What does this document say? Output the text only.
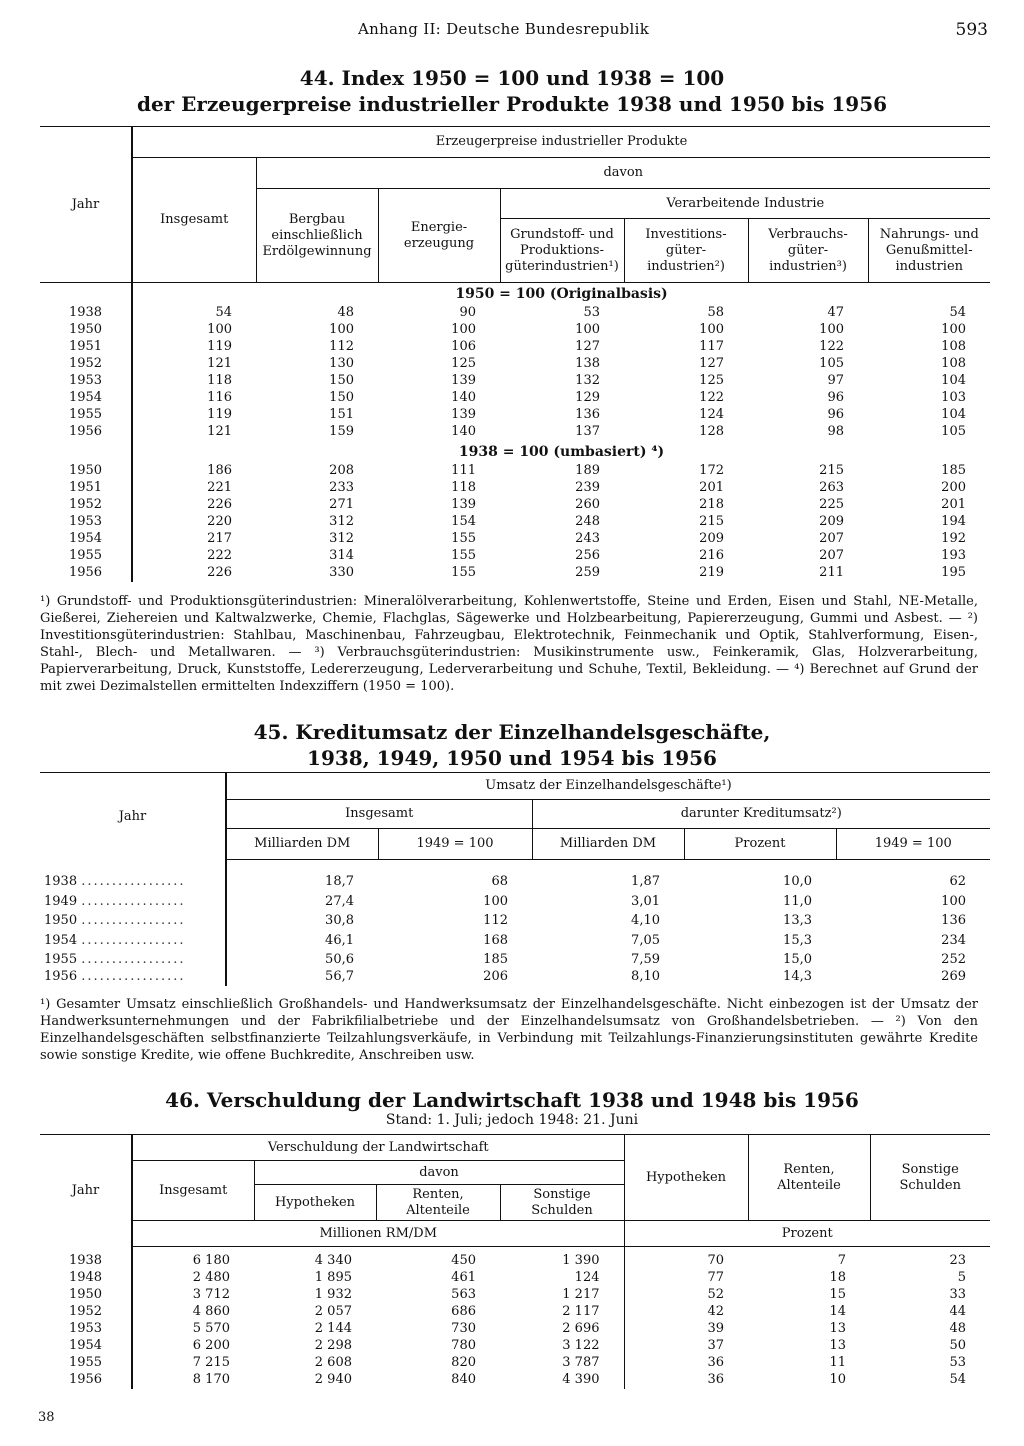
Anhang II: Deutsche Bundesrepublik	593
44. Index 1950 = 100 und 1938 = 100
der Erzeugerpreise industrieller Produkte 1938 und 1950 bis 1956
Jahr	Erzeugerpreise industrieller Produkte						
	Insgesamt	davon					
		Bergbau einschließlich Erdölgewinnung	Energie-erzeugung	Verarbeitende Industrie			
				Grundstoff- und Produktions-güterindustrien¹)	Investitions-güter-industrien²)	Verbrauchs-güter-industrien³)	Nahrungs- und Genußmittel-industrien
	1950 = 100 (Originalbasis)						
1938	54	48	90	53	58	47	54
1950	100	100	100	100	100	100	100
1951	119	112	106	127	117	122	108
1952	121	130	125	138	127	105	108
1953	118	150	139	132	125	97	104
1954	116	150	140	129	122	96	103
1955	119	151	139	136	124	96	104
1956	121	159	140	137	128	98	105
	1938 = 100 (umbasiert) ⁴)						
1950	186	208	111	189	172	215	185
1951	221	233	118	239	201	263	200
1952	226	271	139	260	218	225	201
1953	220	312	154	248	215	209	194
1954	217	312	155	243	209	207	192
1955	222	314	155	256	216	207	193
1956	226	330	155	259	219	211	195
¹) Grundstoff- und Produktionsgüterindustrien: Mineralölverarbeitung, Kohlenwertstoffe, Steine und Erden, Eisen und Stahl, NE-Metalle, Gießerei, Ziehereien und Kaltwalzwerke, Chemie, Flachglas, Sägewerke und Holzbearbeitung, Papiererzeugung, Gummi und Asbest. — ²) Investitionsgüterindustrien: Stahlbau, Maschinenbau, Fahrzeugbau, Elektrotechnik, Feinmechanik und Optik, Stahlverformung, Eisen-, Stahl-, Blech- und Metallwaren. — ³) Verbrauchsgüterindustrien: Musikinstrumente usw., Feinkeramik, Glas, Holzverarbeitung, Papierverarbeitung, Druck, Kunststoffe, Ledererzeugung, Lederverarbeitung und Schuhe, Textil, Bekleidung. — ⁴) Berechnet auf Grund der mit zwei Dezimalstellen ermittelten Indexziffern (1950 = 100).
45. Kreditumsatz der Einzelhandelsgeschäfte,
1938, 1949, 1950 und 1954 bis 1956
Jahr	Umsatz der Einzelhandelsgeschäfte¹)				
	Insgesamt		darunter Kreditumsatz²)		
	Milliarden DM	1949 = 100	Milliarden DM	Prozent	1949 = 100

1938 .................	18,7	68	1,87	10,0	62
1949 .................	27,4	100	3,01	11,0	100
1950 .................	30,8	112	4,10	13,3	136
1954 .................	46,1	168	7,05	15,3	234
1955 .................	50,6	185	7,59	15,0	252
1956 .................	56,7	206	8,10	14,3	269
¹) Gesamter Umsatz einschließlich Großhandels- und Handwerksumsatz der Einzelhandelsgeschäfte. Nicht einbezogen ist der Umsatz der Handwerksunternehmungen und der Fabrikfilialbetriebe und der Einzelhandelsumsatz von Großhandelsbetrieben. — ²) Von den Einzelhandelsgeschäften selbstfinanzierte Teilzahlungsverkäufe, in Verbindung mit Teilzahlungs-Finanzierungsinstituten gewährte Kredite sowie sonstige Kredite, wie offene Buchkredite, Anschreiben usw.
46. Verschuldung der Landwirtschaft 1938 und 1948 bis 1956
Stand: 1. Juli; jedoch 1948: 21. Juni
Jahr	Verschuldung der Landwirtschaft				Hypotheken	Renten, Altenteile	Sonstige Schulden
	Insgesamt	davon					
		Hypotheken	Renten, Altenteile	Sonstige Schulden			
	Millionen RM/DM				Prozent		

1938	6 180	4 340	450	1 390	70	7	23
1948	2 480	1 895	461	124	77	18	5
1950	3 712	1 932	563	1 217	52	15	33
1952	4 860	2 057	686	2 117	42	14	44
1953	5 570	2 144	730	2 696	39	13	48
1954	6 200	2 298	780	3 122	37	13	50
1955	7 215	2 608	820	3 787	36	11	53
1956	8 170	2 940	840	4 390	36	10	54
38
